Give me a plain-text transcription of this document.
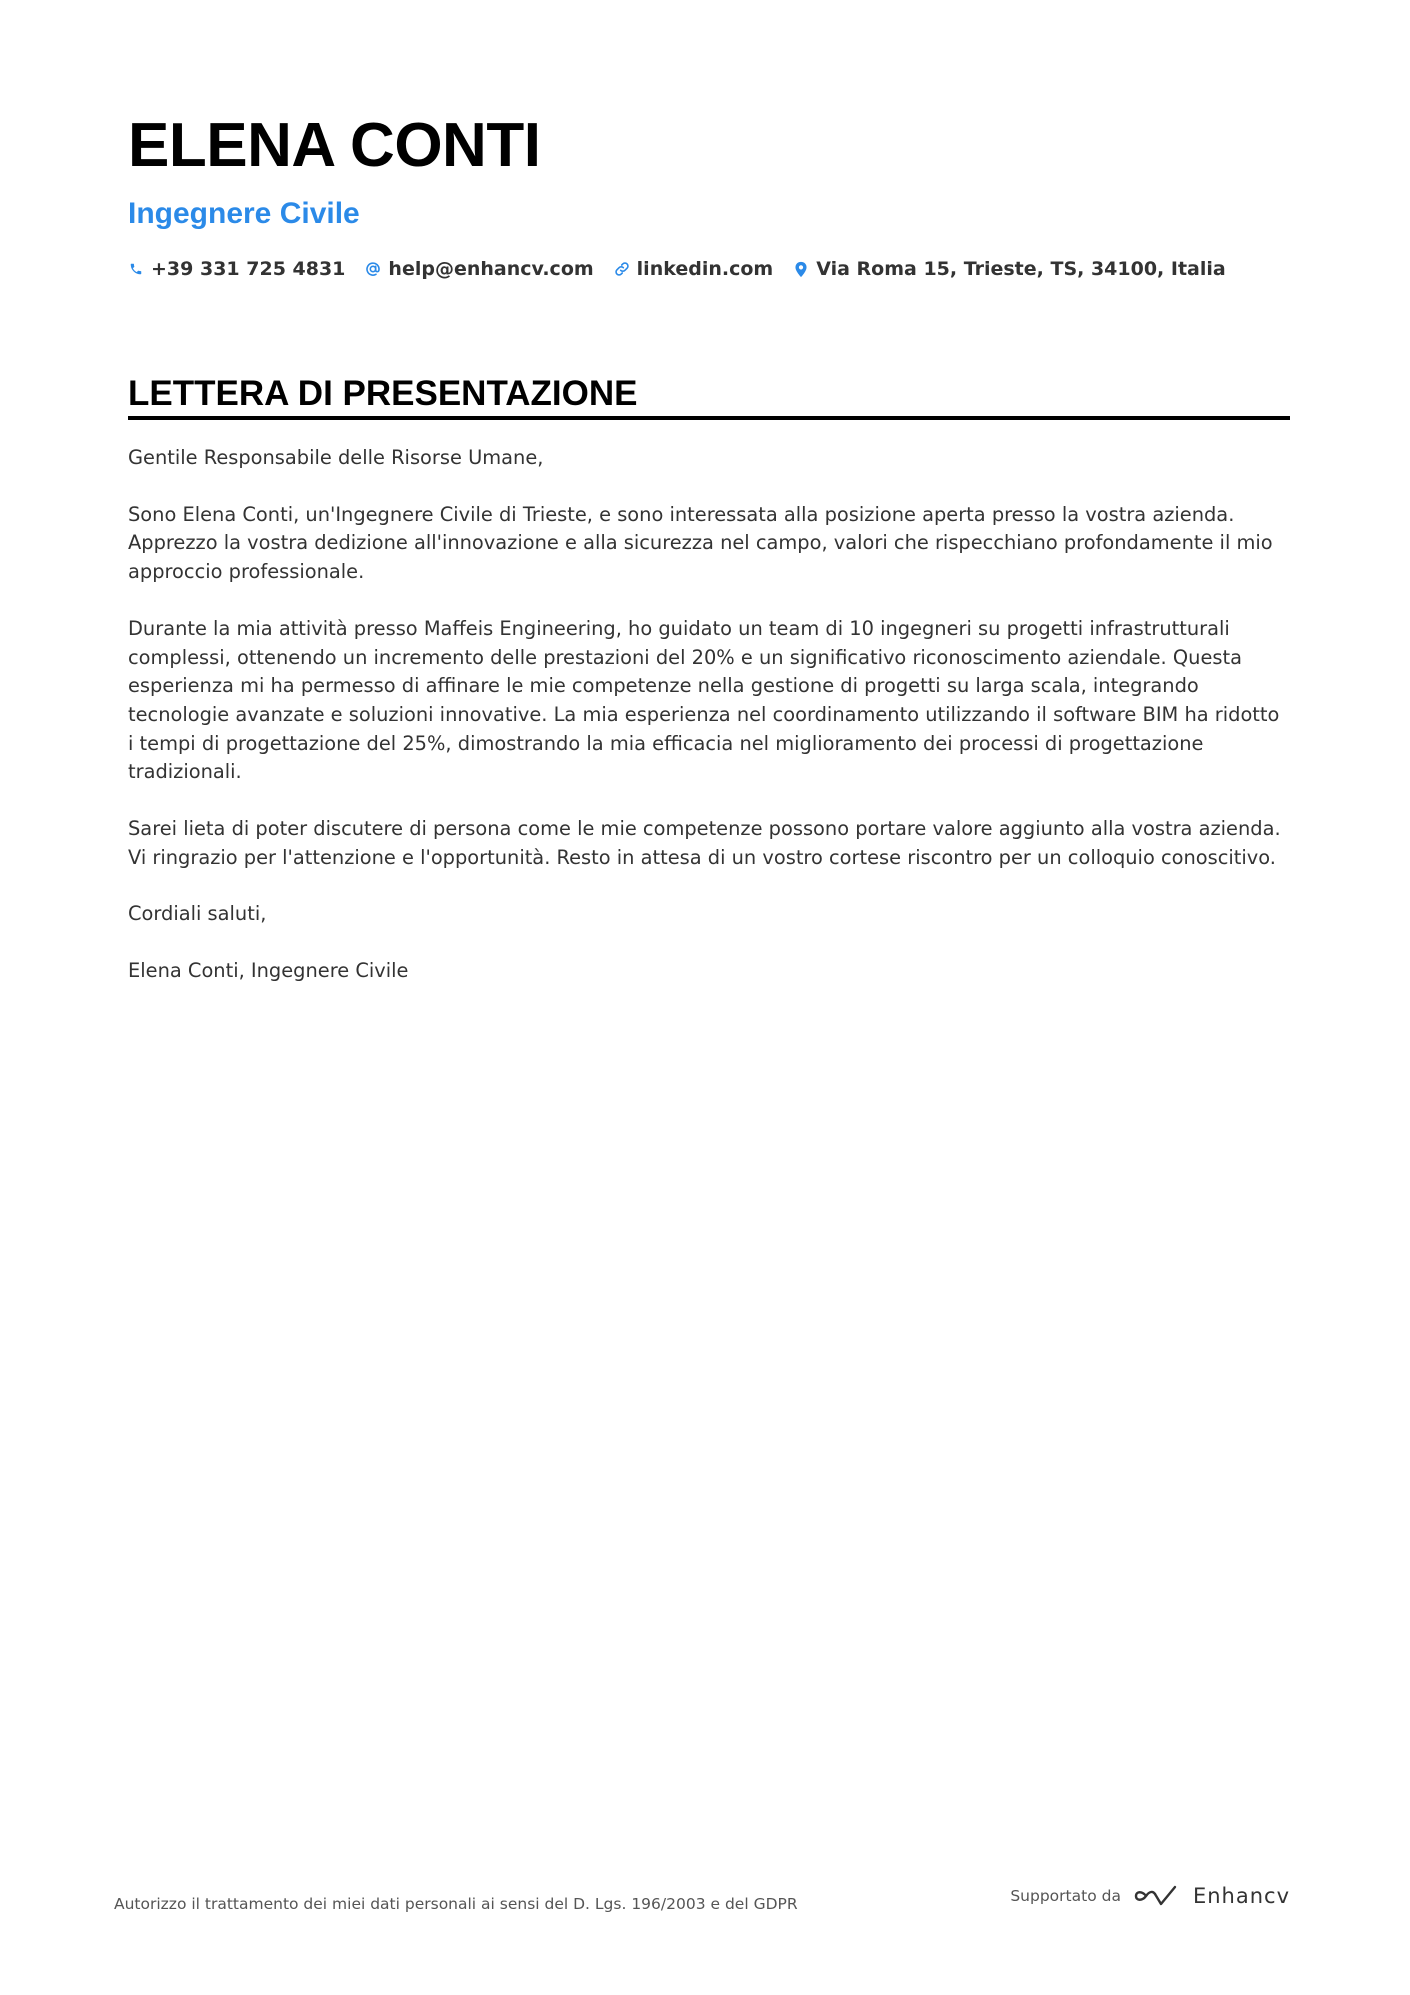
ELENA CONTI
Ingegnere Civile
+39 331 725 4831 help@enhancv.com linkedin.com Via Roma 15, Trieste, TS, 34100, Italia
LETTERA DI PRESENTAZIONE

Gentile Responsabile delle Risorse Umane,

Sono Elena Conti, un'Ingegnere Civile di Trieste, e sono interessata alla posizione aperta presso la vostra azienda. Apprezzo la vostra dedizione all'innovazione e alla sicurezza nel campo, valori che rispecchiano profondamente il mio approccio professionale.

Durante la mia attività presso Maffeis Engineering, ho guidato un team di 10 ingegneri su progetti infrastrutturali complessi, ottenendo un incremento delle prestazioni del 20% e un significativo riconoscimento aziendale. Questa esperienza mi ha permesso di affinare le mie competenze nella gestione di progetti su larga scala, integrando tecnologie avanzate e soluzioni innovative. La mia esperienza nel coordinamento utilizzando il software BIM ha ridotto i tempi di progettazione del 25%, dimostrando la mia efficacia nel miglioramento dei processi di progettazione tradizionali.

Sarei lieta di poter discutere di persona come le mie competenze possono portare valore aggiunto alla vostra azienda. Vi ringrazio per l'attenzione e l'opportunità. Resto in attesa di un vostro cortese riscontro per un colloquio conoscitivo.

Cordiali saluti,

Elena Conti, Ingegnere Civile

Autorizzo il trattamento dei miei dati personali ai sensi del D. Lgs. 196/2003 e del GDPR	Supportato da	Enhancv
